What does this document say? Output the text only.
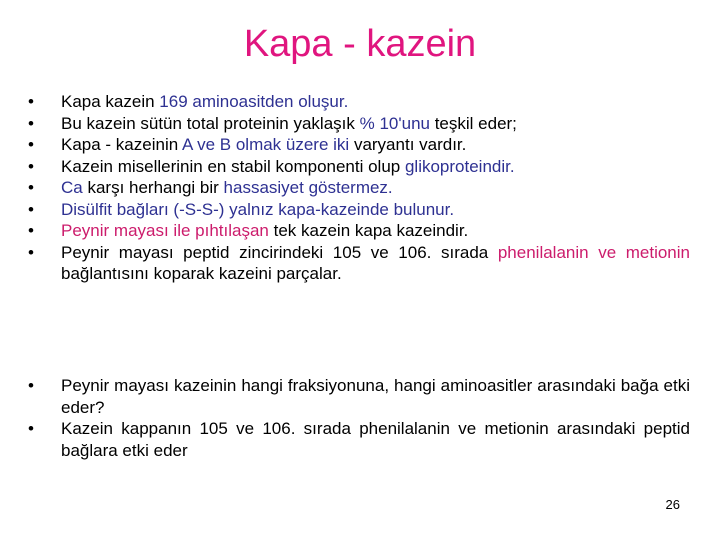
Kapa - kazein
•	Kapa kazein 169 aminoasitden oluşur.
•	Bu kazein sütün total proteinin yaklaşık % 10'unu teşkil eder;
•	Kapa - kazeinin A ve B olmak üzere iki varyantı vardır.
•	Kazein misellerinin en stabil komponenti olup glikoproteindir.
•	Ca karşı herhangi bir hassasiyet göstermez.
•	Disülfit bağları (-S-S-) yalnız kapa-kazeinde bulunur.
•	Peynir mayası ile pıhtılaşan tek kazein kapa kazeindir.
•	Peynir mayası peptid zincirindeki 105 ve 106. sırada phenilalanin ve metionin bağlantısını koparak kazeini parçalar.
•	Peynir mayası kazeinin hangi fraksiyonuna, hangi aminoasitler arasındaki bağa etki eder?
•	Kazein kappanın 105 ve 106. sırada phenilalanin ve metionin arasındaki peptid bağlara etki eder
26
